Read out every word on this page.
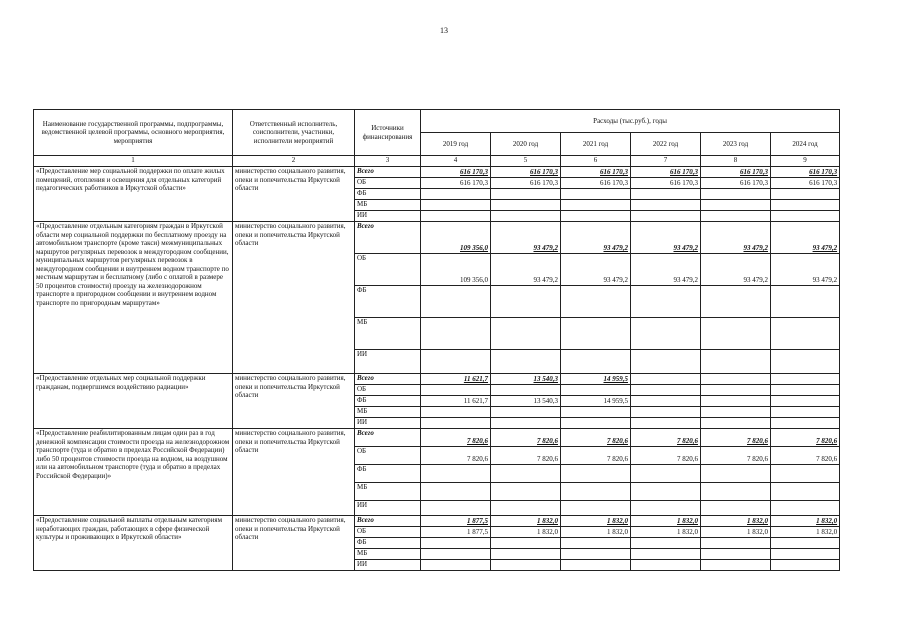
13
Наименование государственной программы, подпрограммы, ведомственной целевой программы, основного мероприятия, мероприятия	Ответственный исполнитель, соисполнители, участники, исполнители мероприятий	Источники финансирования	Расходы (тыс.руб.), годы					
			2019 год	2020 год	2021 год	2022 год	2023 год	2024 год
1	2	3	4	5	6	7	8	9
«Предоставление мер социальной поддержки по оплате жилых помещений, отопления и освещения для отдельных категорий педагогических работников в Иркутской области»	министерство социального развития, опеки и попечительства Иркутской области	Всего	616 170,3	616 170,3	616 170,3	616 170,3	616 170,3	616 170,3
		ОБ	616 170,3	616 170,3	616 170,3	616 170,3	616 170,3	616 170,3
		ФБ						
		МБ						
		ИИ						
«Предоставление отдельным категориям граждан в Иркутской области мер социальной поддержки по бесплатному проезду на автомобильном транспорте (кроме такси) межмуниципальных маршрутов регулярных перевозок в междугородном сообщении, муниципальных маршрутов регулярных перевозок в междугородном сообщении и внутреннем водном транспорте по местным маршрутам и бесплатному (либо с оплатой в размере 50 процентов стоимости) проезду на железнодорожном транспорте в пригородном сообщении и внутреннем водном транспорте по пригородным маршрутам»	министерство социального развития, опеки и попечительства Иркутской области	Всего	109 356,0	93 479,2	93 479,2	93 479,2	93 479,2	93 479,2
		ОБ	109 356,0	93 479,2	93 479,2	93 479,2	93 479,2	93 479,2
		ФБ						
		МБ						
		ИИ						
«Предоставление отдельных мер социальной поддержки гражданам, подвергшимся воздействию радиации»	министерство социального развития, опеки и попечительства Иркутской области	Всего	11 621,7	13 540,3	14 959,5			
		ОБ						
		ФБ	11 621,7	13 540,3	14 959,5			
		МБ						
		ИИ						
«Предоставление реабилитированным лицам один раз в год денежной компенсации стоимости проезда на железнодорожном транспорте (туда и обратно в пределах Российской Федерации) либо 50 процентов стоимости проезда на водном, на воздушном или на автомобильном транспорте (туда и обратно в пределах Российской Федерации)»	министерство социального развития, опеки и попечительства Иркутской области	Всего	7 820,6	7 820,6	7 820,6	7 820,6	7 820,6	7 820,6
		ОБ	7 820,6	7 820,6	7 820,6	7 820,6	7 820,6	7 820,6
		ФБ						
		МБ						
		ИИ						
«Предоставление социальной выплаты отдельным категориям неработающих граждан, работающих в сфере физической культуры и проживающих в Иркутской области»	министерство социального развития, опеки и попечительства Иркутской области	Всего	1 877,5	1 832,0	1 832,0	1 832,0	1 832,0	1 832,0
		ОБ	1 877,5	1 832,0	1 832,0	1 832,0	1 832,0	1 832,0
		ФБ						
		МБ						
		ИИ						
